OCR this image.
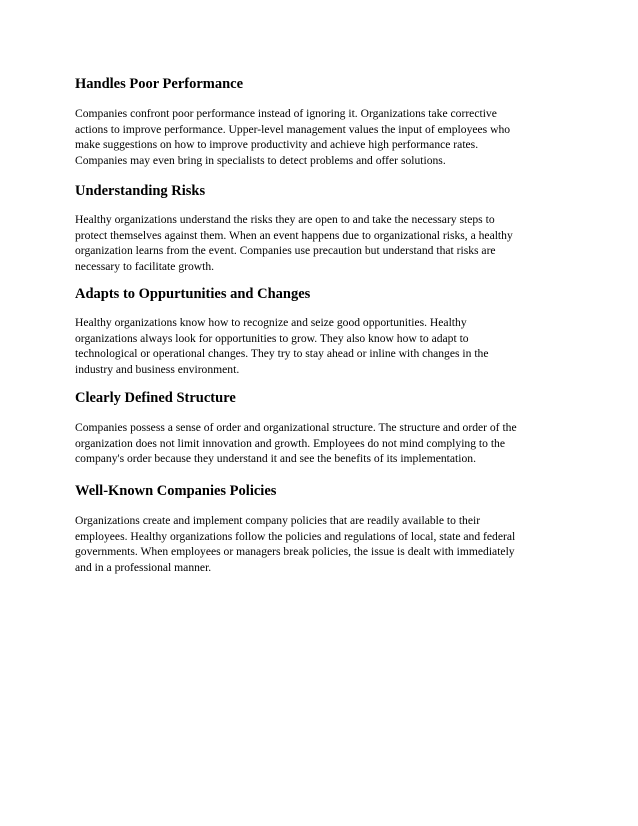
Handles Poor Performance
Companies confront poor performance instead of ignoring it. Organizations take corrective
actions to improve performance. Upper-level management values the input of employees who
make suggestions on how to improve productivity and achieve high performance rates.
Companies may even bring in specialists to detect problems and offer solutions.
Understanding Risks
Healthy organizations understand the risks they are open to and take the necessary steps to
protect themselves against them. When an event happens due to organizational risks, a healthy
organization learns from the event. Companies use precaution but understand that risks are
necessary to facilitate growth.
Adapts to Oppurtunities and Changes
Healthy organizations know how to recognize and seize good opportunities. Healthy
organizations always look for opportunities to grow. They also know how to adapt to
technological or operational changes. They try to stay ahead or inline with changes in the
industry and business environment.
Clearly Defined Structure
Companies possess a sense of order and organizational structure. The structure and order of the
organization does not limit innovation and growth. Employees do not mind complying to the
company's order because they understand it and see the benefits of its implementation.
Well-Known Companies Policies
Organizations create and implement company policies that are readily available to their
employees. Healthy organizations follow the policies and regulations of local, state and federal
governments. When employees or managers break policies, the issue is dealt with immediately
and in a professional manner.
